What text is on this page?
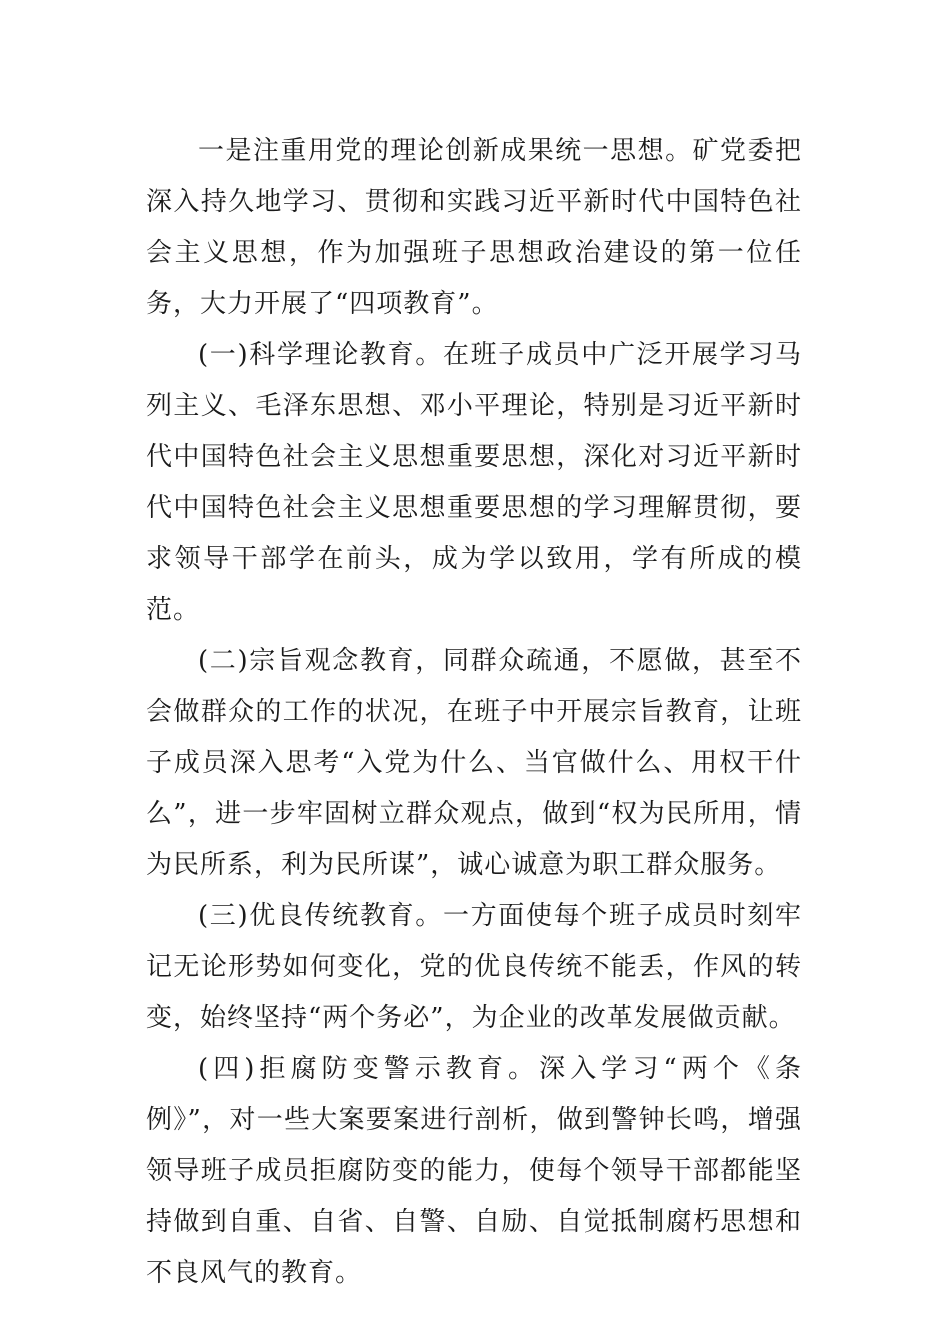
一是注重用党的理论创新成果统一思想。矿党委把深入持久地学习、贯彻和实践习近平新时代中国特色社会主义思想，作为加强班子思想政治建设的第一位任务，大力开展了“四项教育”。

(一)科学理论教育。在班子成员中广泛开展学习马列主义、毛泽东思想、邓小平理论，特别是习近平新时代中国特色社会主义思想重要思想，深化对习近平新时代中国特色社会主义思想重要思想的学习理解贯彻，要求领导干部学在前头，成为学以致用，学有所成的模范。

(二)宗旨观念教育，同群众疏通，不愿做，甚至不会做群众的工作的状况，在班子中开展宗旨教育，让班子成员深入思考“入党为什么、当官做什么、用权干什么”，进一步牢固树立群众观点，做到“权为民所用，情为民所系，利为民所谋”，诚心诚意为职工群众服务。

(三)优良传统教育。一方面使每个班子成员时刻牢记无论形势如何变化，党的优良传统不能丢，作风的转变，始终坚持“两个务必”，为企业的改革发展做贡献。

(四)拒腐防变警示教育。深入学习“两个《条例》”，对一些大案要案进行剖析，做到警钟长鸣，增强领导班子成员拒腐防变的能力，使每个领导干部都能坚持做到自重、自省、自警、自励、自觉抵制腐朽思想和不良风气的教育。
